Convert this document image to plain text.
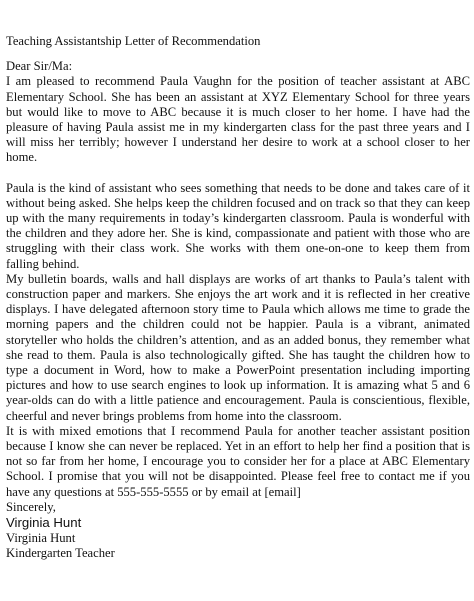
Teaching Assistantship Letter of Recommendation

Dear Sir/Ma:

I am pleased to recommend Paula Vaughn for the position of teacher assistant at ABC Elementary School. She has been an assistant at XYZ Elementary School for three years but would like to move to ABC because it is much closer to her home. I have had the pleasure of having Paula assist me in my kindergarten class for the past three years and I will miss her terribly; however I understand her desire to work at a school closer to her home.

Paula is the kind of assistant who sees something that needs to be done and takes care of it without being asked. She helps keep the children focused and on track so that they can keep up with the many requirements in today’s kindergarten classroom. Paula is wonderful with the children and they adore her. She is kind, compassionate and patient with those who are struggling with their class work. She works with them one-on-one to keep them from falling behind.

My bulletin boards, walls and hall displays are works of art thanks to Paula’s talent with construction paper and markers. She enjoys the art work and it is reflected in her creative displays. I have delegated afternoon story time to Paula which allows me time to grade the morning papers and the children could not be happier. Paula is a vibrant, animated storyteller who holds the children’s attention, and as an added bonus, they remember what she read to them. Paula is also technologically gifted. She has taught the children how to type a document in Word, how to make a PowerPoint presentation including importing pictures and how to use search engines to look up information. It is amazing what 5 and 6 year-olds can do with a little patience and encouragement. Paula is conscientious, flexible, cheerful and never brings problems from home into the classroom.

It is with mixed emotions that I recommend Paula for another teacher assistant position because I know she can never be replaced. Yet in an effort to help her find a position that is not so far from her home, I encourage you to consider her for a place at ABC Elementary School. I promise that you will not be disappointed. Please feel free to contact me if you have any questions at 555-555-5555 or by email at [email]

Sincerely,

Virginia Hunt

Virginia Hunt

Kindergarten Teacher
